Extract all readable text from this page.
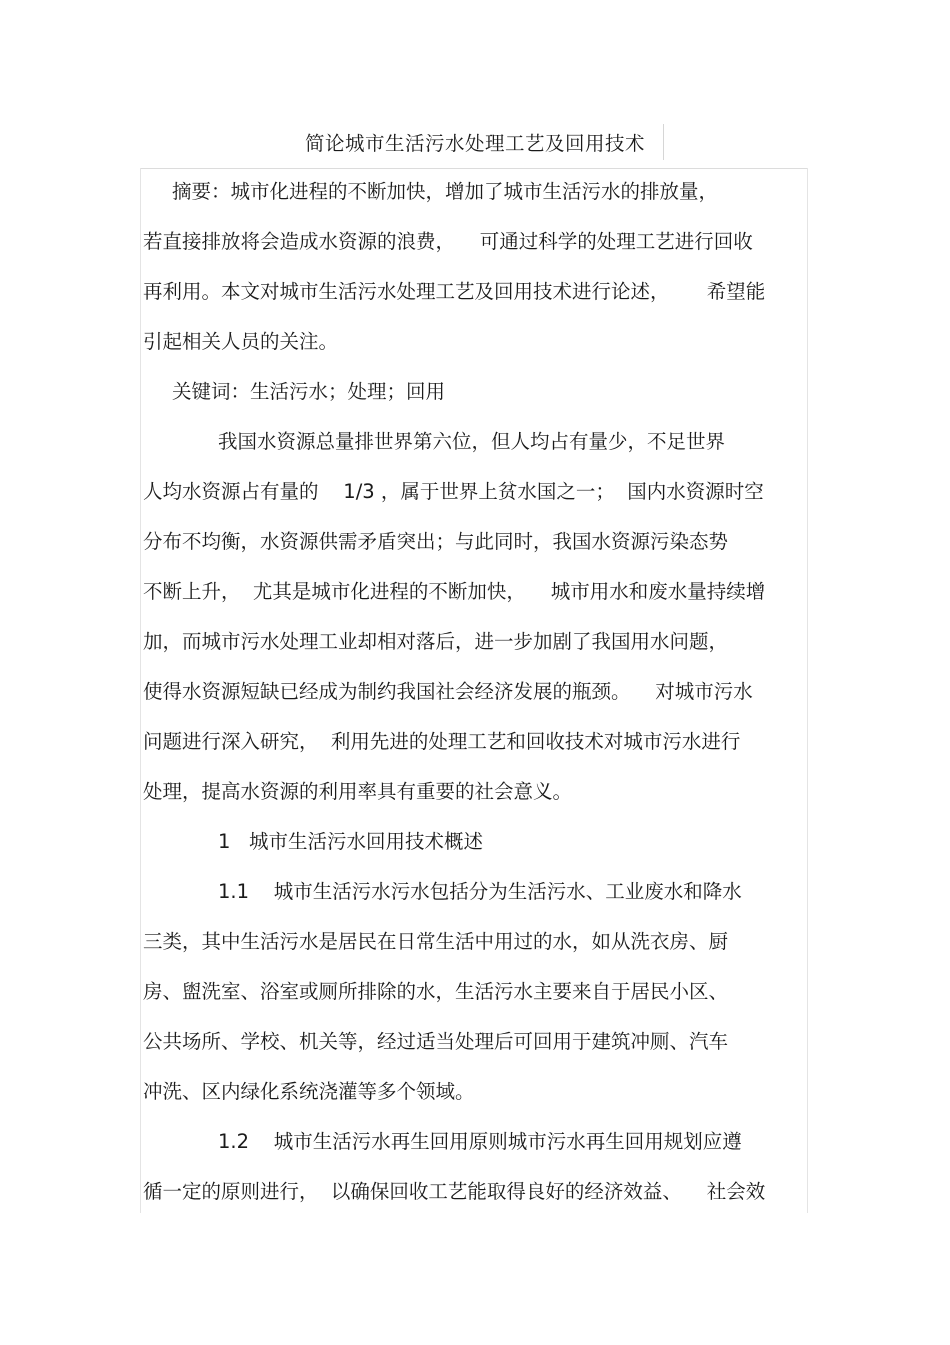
简论城市生活污水处理工艺及回用技术
摘要：城市化进程的不断加快，增加了城市生活污水的排放量，
若直接排放将会造成水资源的浪费，    可通过科学的处理工艺进行回收
再利用。本文对城市生活污水处理工艺及回用技术进行论述，      希望能
引起相关人员的关注。
关键词：生活污水；处理；回用
我国水资源总量排世界第六位，但人均占有量少，不足世界
人均水资源占有量的    1/3 ，属于世界上贫水国之一；  国内水资源时空
分布不均衡，水资源供需矛盾突出；与此同时，我国水资源污染态势
不断上升，  尤其是城市化进程的不断加快，    城市用水和废水量持续增
加，而城市污水处理工业却相对落后，进一步加剧了我国用水问题，
使得水资源短缺已经成为制约我国社会经济发展的瓶颈。    对城市污水
问题进行深入研究，  利用先进的处理工艺和回收技术对城市污水进行
处理，提高水资源的利用率具有重要的社会意义。
1   城市生活污水回用技术概述
1.1    城市生活污水污水包括分为生活污水、工业废水和降水
三类，其中生活污水是居民在日常生活中用过的水，如从洗衣房、厨
房、盥洗室、浴室或厕所排除的水，生活污水主要来自于居民小区、
公共场所、学校、机关等，经过适当处理后可回用于建筑冲厕、汽车
冲洗、区内绿化系统浇灌等多个领域。
1.2    城市生活污水再生回用原则城市污水再生回用规划应遵
循一定的原则进行，  以确保回收工艺能取得良好的经济效益、    社会效
